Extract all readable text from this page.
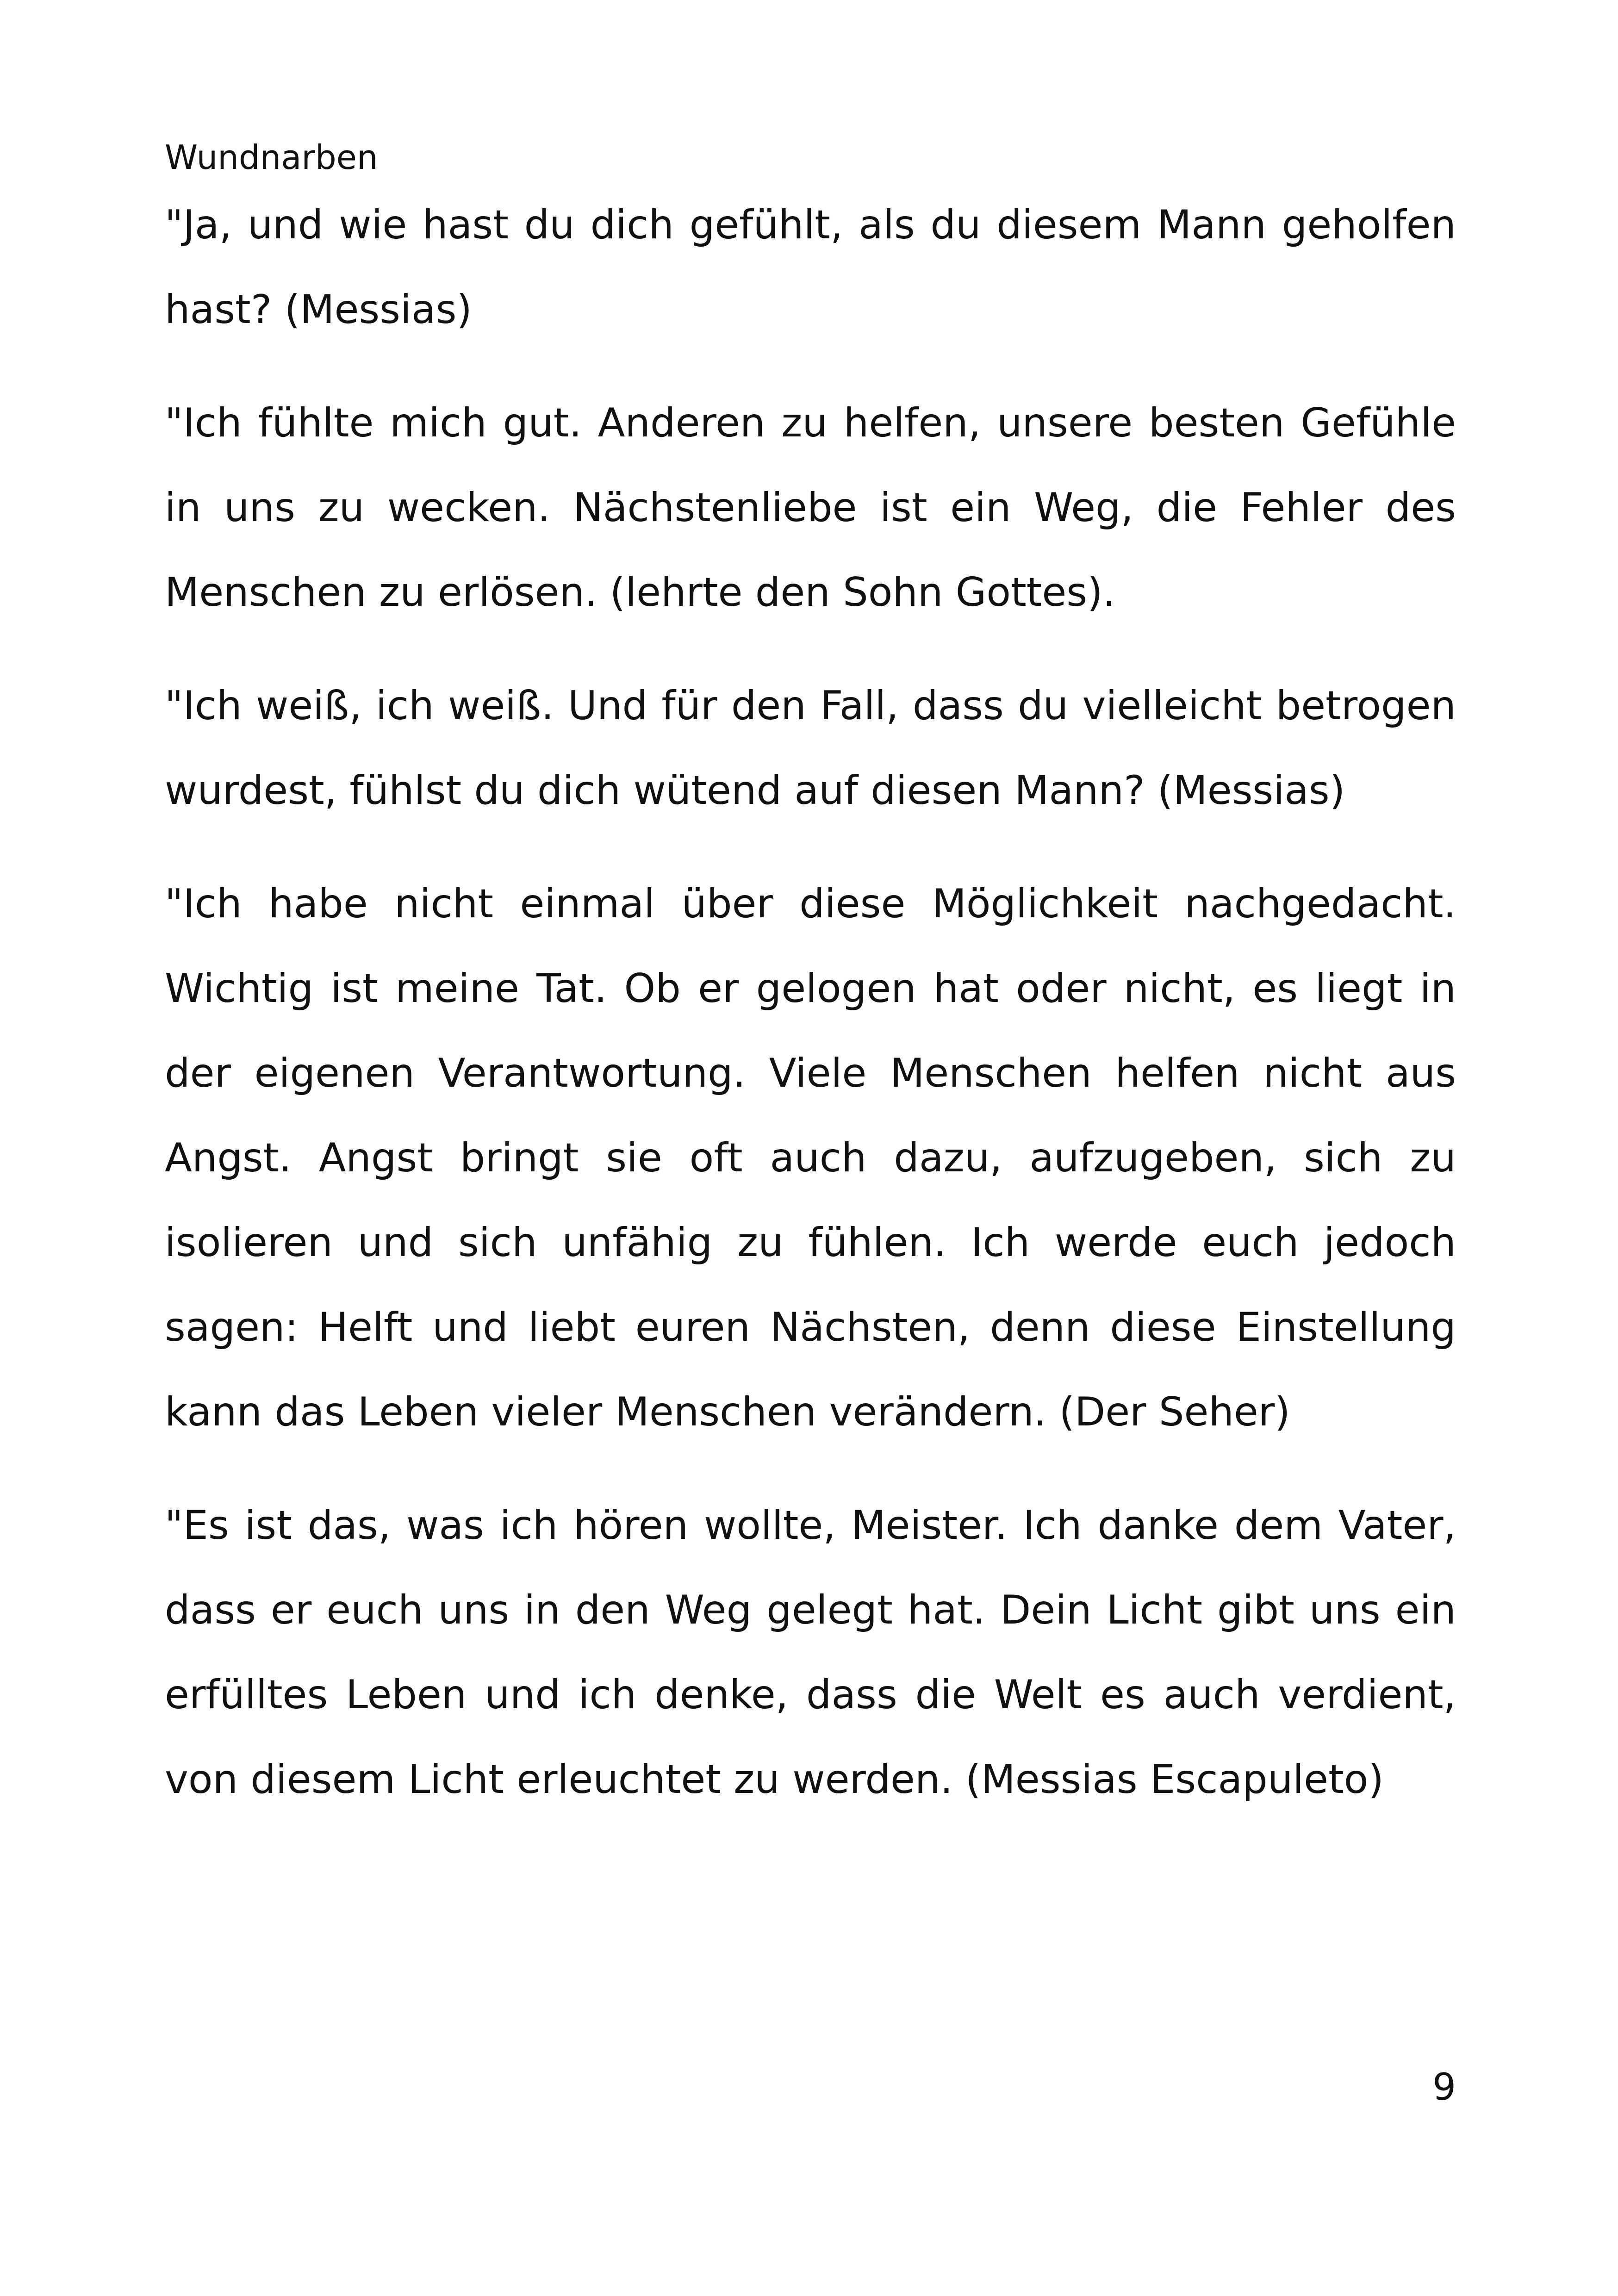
Wundnarben

"Ja, und wie hast du dich gefühlt, als du diesem Mann geholfen hast? (Messias)

"Ich fühlte mich gut. Anderen zu helfen, unsere besten Gefühle in uns zu wecken. Nächstenliebe ist ein Weg, die Fehler des Menschen zu erlösen. (lehrte den Sohn Gottes).

"Ich weiß, ich weiß. Und für den Fall, dass du vielleicht betrogen wurdest, fühlst du dich wütend auf diesen Mann? (Messias)

"Ich habe nicht einmal über diese Möglichkeit nachgedacht. Wichtig ist meine Tat. Ob er gelogen hat oder nicht, es liegt in der eigenen Verantwortung. Viele Menschen helfen nicht aus Angst. Angst bringt sie oft auch dazu, aufzugeben, sich zu isolieren und sich unfähig zu fühlen. Ich werde euch jedoch sagen: Helft und liebt euren Nächsten, denn diese Einstellung kann das Leben vieler Menschen verändern. (Der Seher)

"Es ist das, was ich hören wollte, Meister. Ich danke dem Vater, dass er euch uns in den Weg gelegt hat. Dein Licht gibt uns ein erfülltes Leben und ich denke, dass die Welt es auch verdient, von diesem Licht erleuchtet zu werden. (Messias Escapuleto)

9
